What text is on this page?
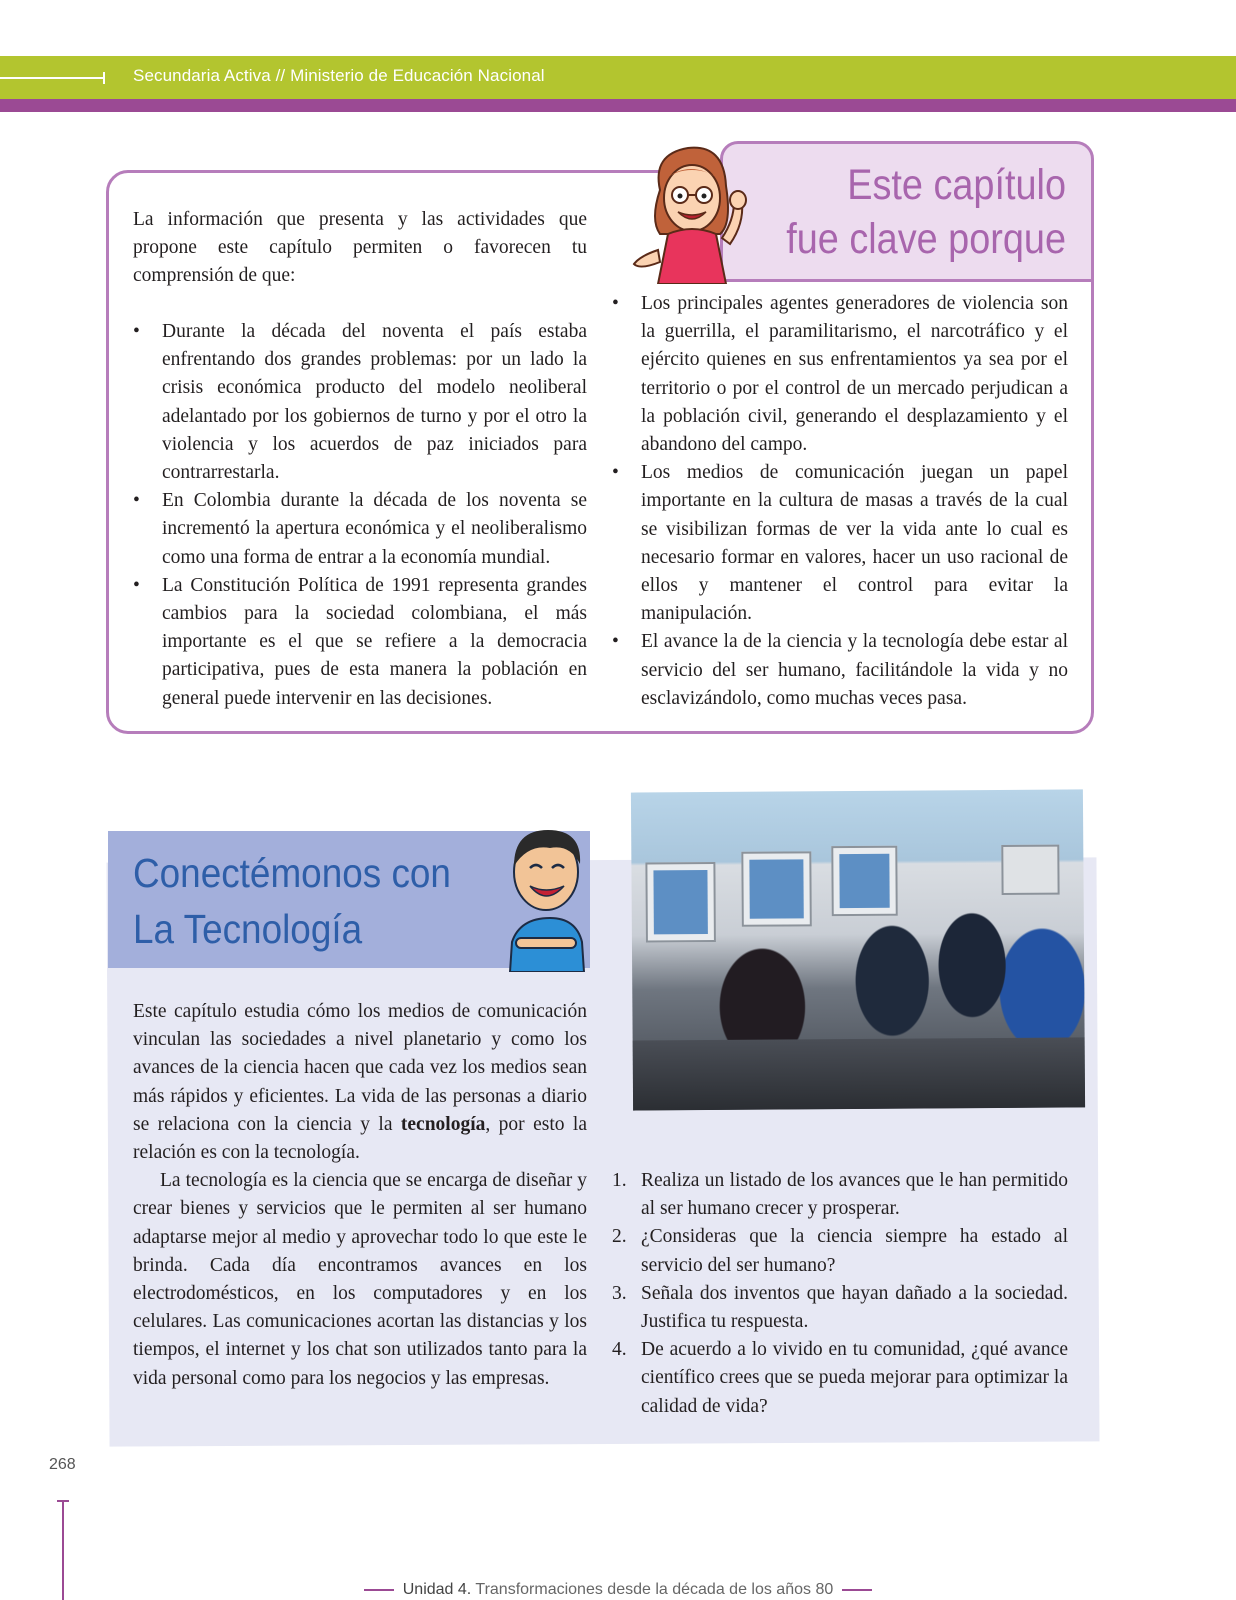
Secundaria Activa // Ministerio de Educación Nacional
Este capítulo
fue clave porque
La información que presenta y las actividades que propone este capítulo permiten o favorecen tu comprensión de que:
• Durante la década del noventa el país estaba enfrentando dos grandes problemas: por un lado la crisis económica producto del modelo neoliberal adelantado por los gobiernos de turno y por el otro la violencia y los acuerdos de paz iniciados para contrarrestarla.
• En Colombia durante la década de los noventa se incrementó la apertura económica y el neoliberalismo como una forma de entrar a la economía mundial.
• La Constitución Política de 1991 representa grandes cambios para la sociedad colombiana, el más importante es el que se refiere a la democracia participativa, pues de esta manera la población en general puede intervenir en las decisiones.
• Los principales agentes generadores de violencia son la guerrilla, el paramilitarismo, el narcotráfico y el ejército quienes en sus enfrentamientos ya sea por el territorio o por el control de un mercado perjudican a la población civil, generando el desplazamiento y el abandono del campo.
• Los medios de comunicación juegan un papel importante en la cultura de masas a través de la cual se visibilizan formas de ver la vida ante lo cual es necesario formar en valores, hacer un uso racional de ellos y mantener el control para evitar la manipulación.
• El avance la de la ciencia y la tecnología debe estar al servicio del ser humano, facilitándole la vida y no esclavizándolo, como muchas veces pasa.
Conectémonos con
La Tecnología

Este capítulo estudia cómo los medios de comunicación vinculan las sociedades a nivel planetario y como los avances de la ciencia hacen que cada vez los medios sean más rápidos y eficientes. La vida de las personas a diario se relaciona con la ciencia y la tecnología, por esto la relación es con la tecnología.

La tecnología es la ciencia que se encarga de diseñar y crear bienes y servicios que le permiten al ser humano adaptarse mejor al medio y aprovechar todo lo que este le brinda. Cada día encontramos avances en los electrodomésticos, en los computadores y en los celulares. Las comunicaciones acortan las distancias y los tiempos, el internet y los chat son utilizados tanto para la vida personal como para los negocios y las empresas.

1. Realiza un listado de los avances que le han permitido al ser humano crecer y prosperar.
2. ¿Consideras que la ciencia siempre ha estado al servicio del ser humano?
3. Señala dos inventos que hayan dañado a la sociedad. Justifica tu respuesta.
4. De acuerdo a lo vivido en tu comunidad, ¿qué avance científico crees que se pueda mejorar para optimizar la calidad de vida?
268
Unidad 4. Transformaciones desde la década de los años 80
